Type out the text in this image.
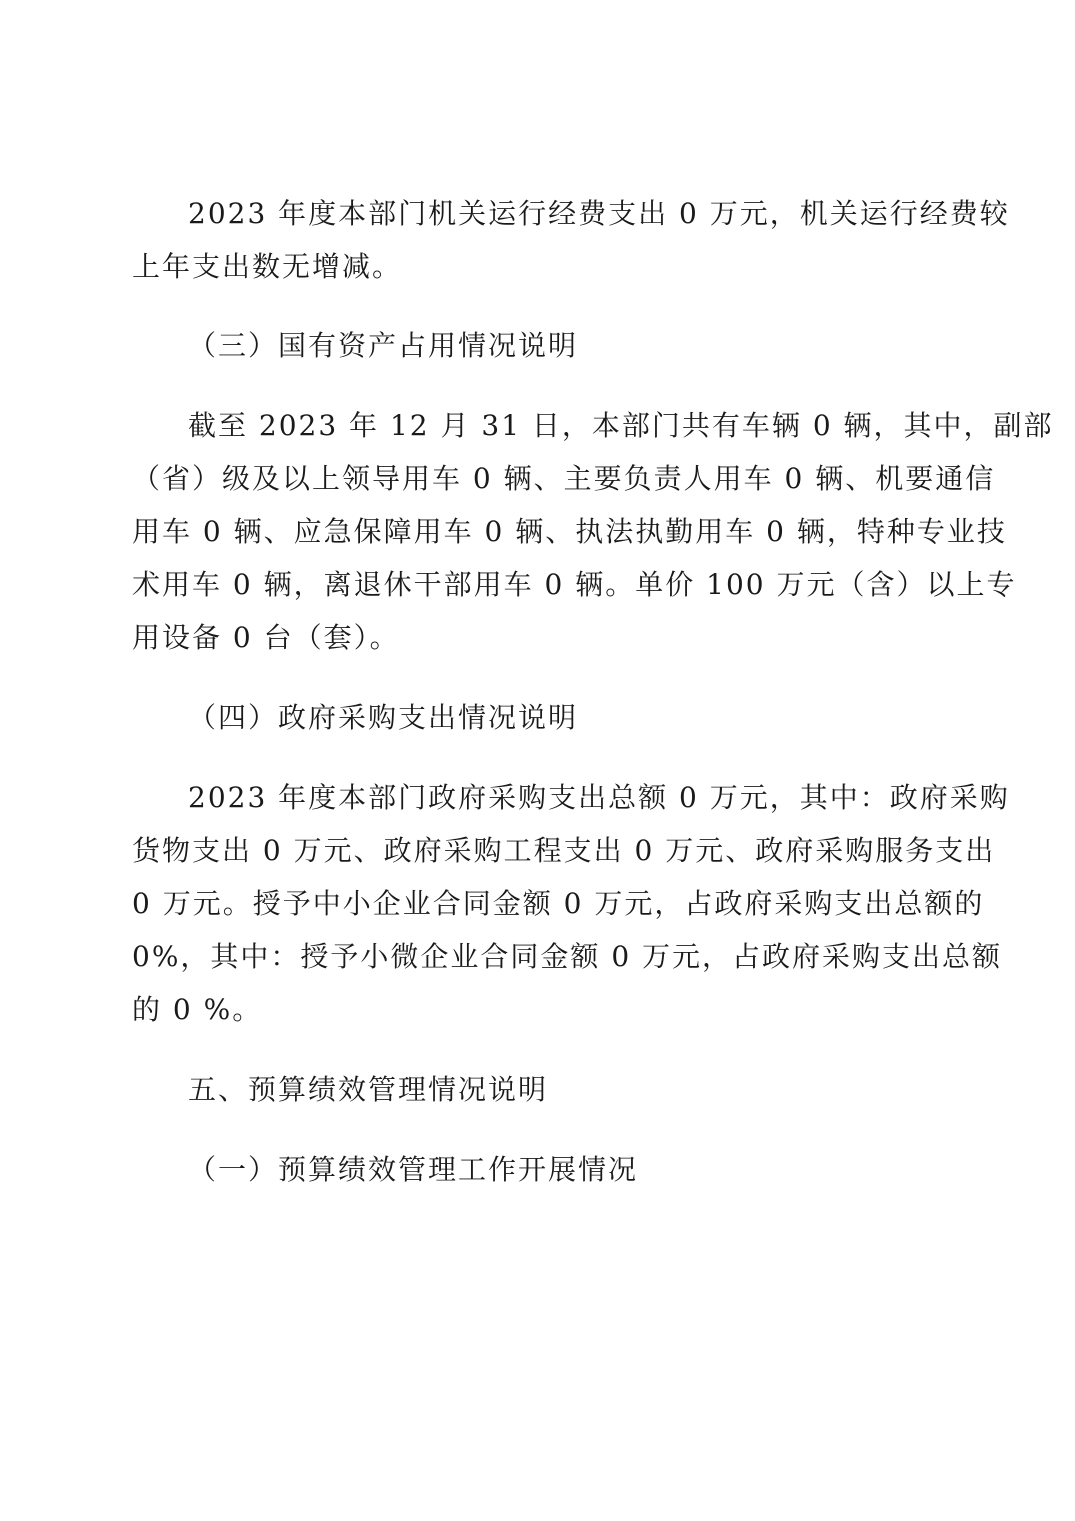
2023 年度本部门机关运行经费支出 0 万元，机关运行经费较

上年支出数无增减。

（三）国有资产占用情况说明

截至 2023 年 12 月 31 日，本部门共有车辆 0 辆，其中，副部

（省）级及以上领导用车 0 辆、主要负责人用车 0 辆、机要通信

用车 0 辆、应急保障用车 0 辆、执法执勤用车 0 辆，特种专业技

术用车 0 辆，离退休干部用车 0 辆。单价 100 万元（含）以上专

用设备 0 台（套）。

（四）政府采购支出情况说明

2023 年度本部门政府采购支出总额 0 万元，其中：政府采购

货物支出 0 万元、政府采购工程支出 0 万元、政府采购服务支出

0 万元。授予中小企业合同金额 0 万元，占政府采购支出总额的

0%，其中：授予小微企业合同金额 0 万元，占政府采购支出总额

的 0 %。

五、预算绩效管理情况说明

（一）预算绩效管理工作开展情况
